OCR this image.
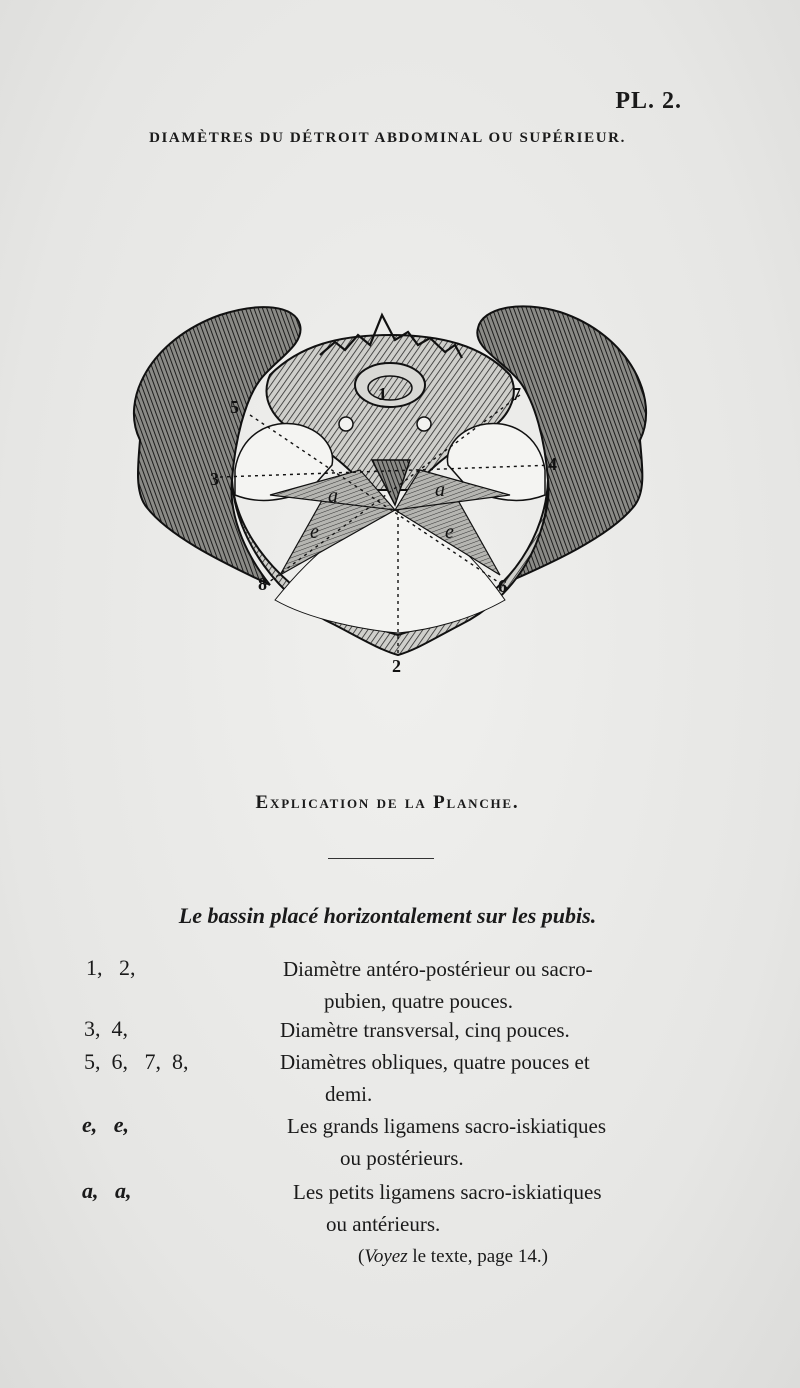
PL. 2.
DIAMÈTRES DU DÉTROIT ABDOMINAL OU SUPÉRIEUR.
1
2
3
4
5
6
7
8
a	a
e	e
Explication de la Planche.
Le bassin placé horizontalement sur les pubis.
1,   2,	Diamètre antéro-postérieur ou sacro-
pubien, quatre pouces.
3,  4,	Diamètre transversal, cinq pouces.
5,  6,   7,  8,	Diamètres obliques, quatre pouces et
demi.
e,   e,	Les grands ligamens sacro-iskiatiques
ou postérieurs.
a,   a,	Les petits ligamens sacro-iskiatiques
ou antérieurs.
(Voyez le texte, page 14.)
